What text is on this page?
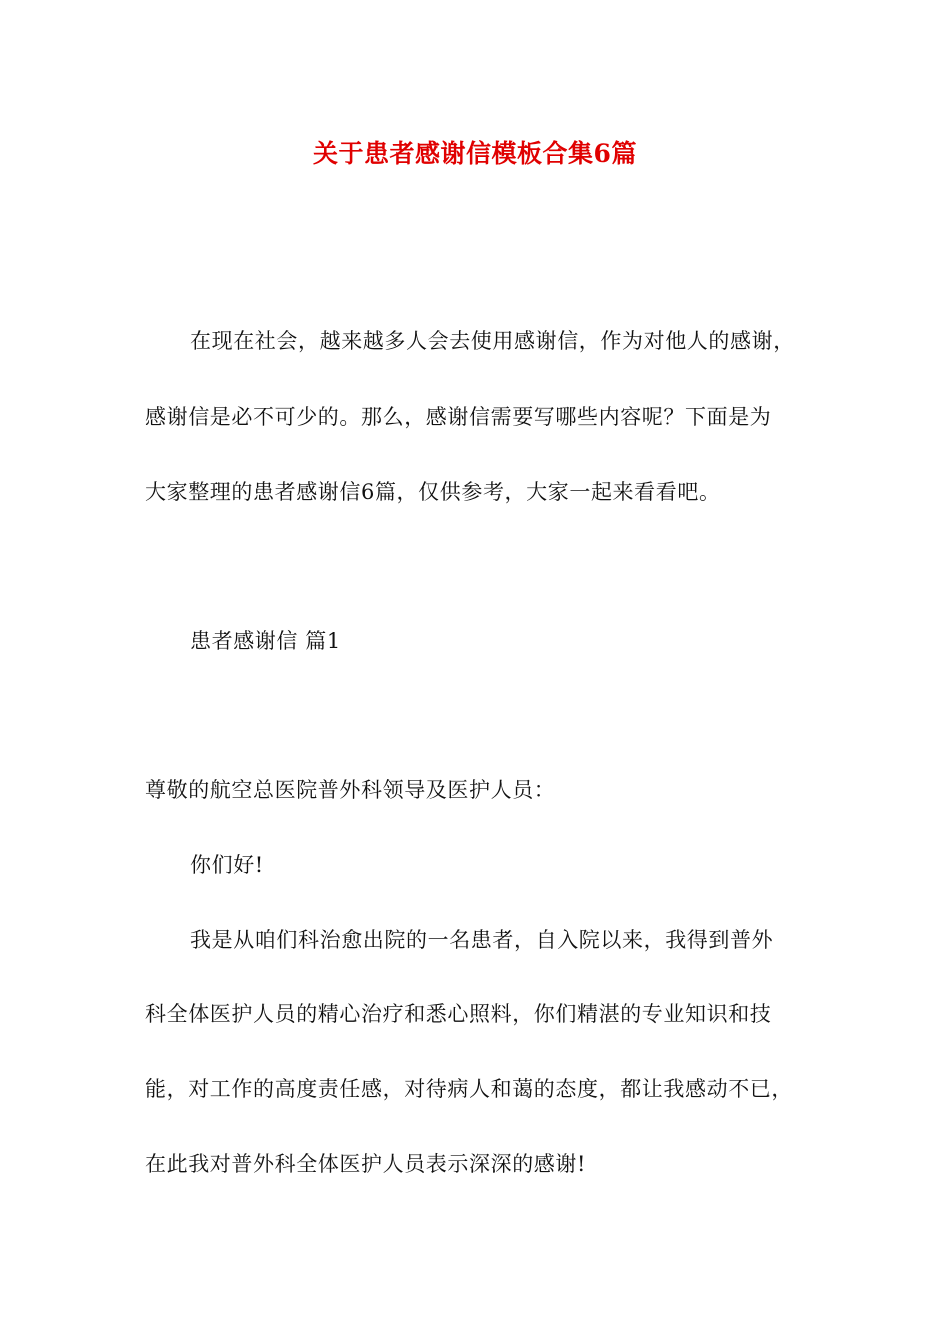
关于患者感谢信模板合集6篇
在现在社会，越来越多人会去使用感谢信，作为对他人的感谢，
感谢信是必不可少的。那么，感谢信需要写哪些内容呢？下面是为
大家整理的患者感谢信6篇，仅供参考，大家一起来看看吧。
患者感谢信 篇1
尊敬的航空总医院普外科领导及医护人员：
你们好!
我是从咱们科治愈出院的一名患者，自入院以来，我得到普外
科全体医护人员的精心治疗和悉心照料，你们精湛的专业知识和技
能，对工作的高度责任感，对待病人和蔼的态度，都让我感动不已，
在此我对普外科全体医护人员表示深深的感谢!
